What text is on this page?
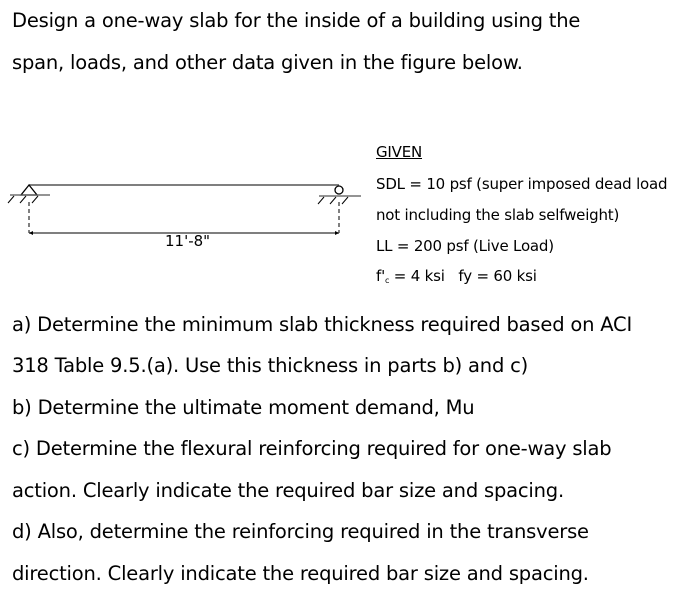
Design a one-way slab for the inside of a building using the
span, loads, and other data given in the figure below.
11'-8"
GIVEN
SDL = 10 psf (super imposed dead load
not including the slab selfweight)
LL = 200 psf (Live Load)
$f'_c = 4$ ksi   fy = 60 ksi
a) Determine the minimum slab thickness required based on ACI
318 Table 9.5.(a). Use this thickness in parts b) and c)
b) Determine the ultimate moment demand, Mu
c) Determine the flexural reinforcing required for one-way slab
action. Clearly indicate the required bar size and spacing.
d) Also, determine the reinforcing required in the transverse
direction. Clearly indicate the required bar size and spacing.
